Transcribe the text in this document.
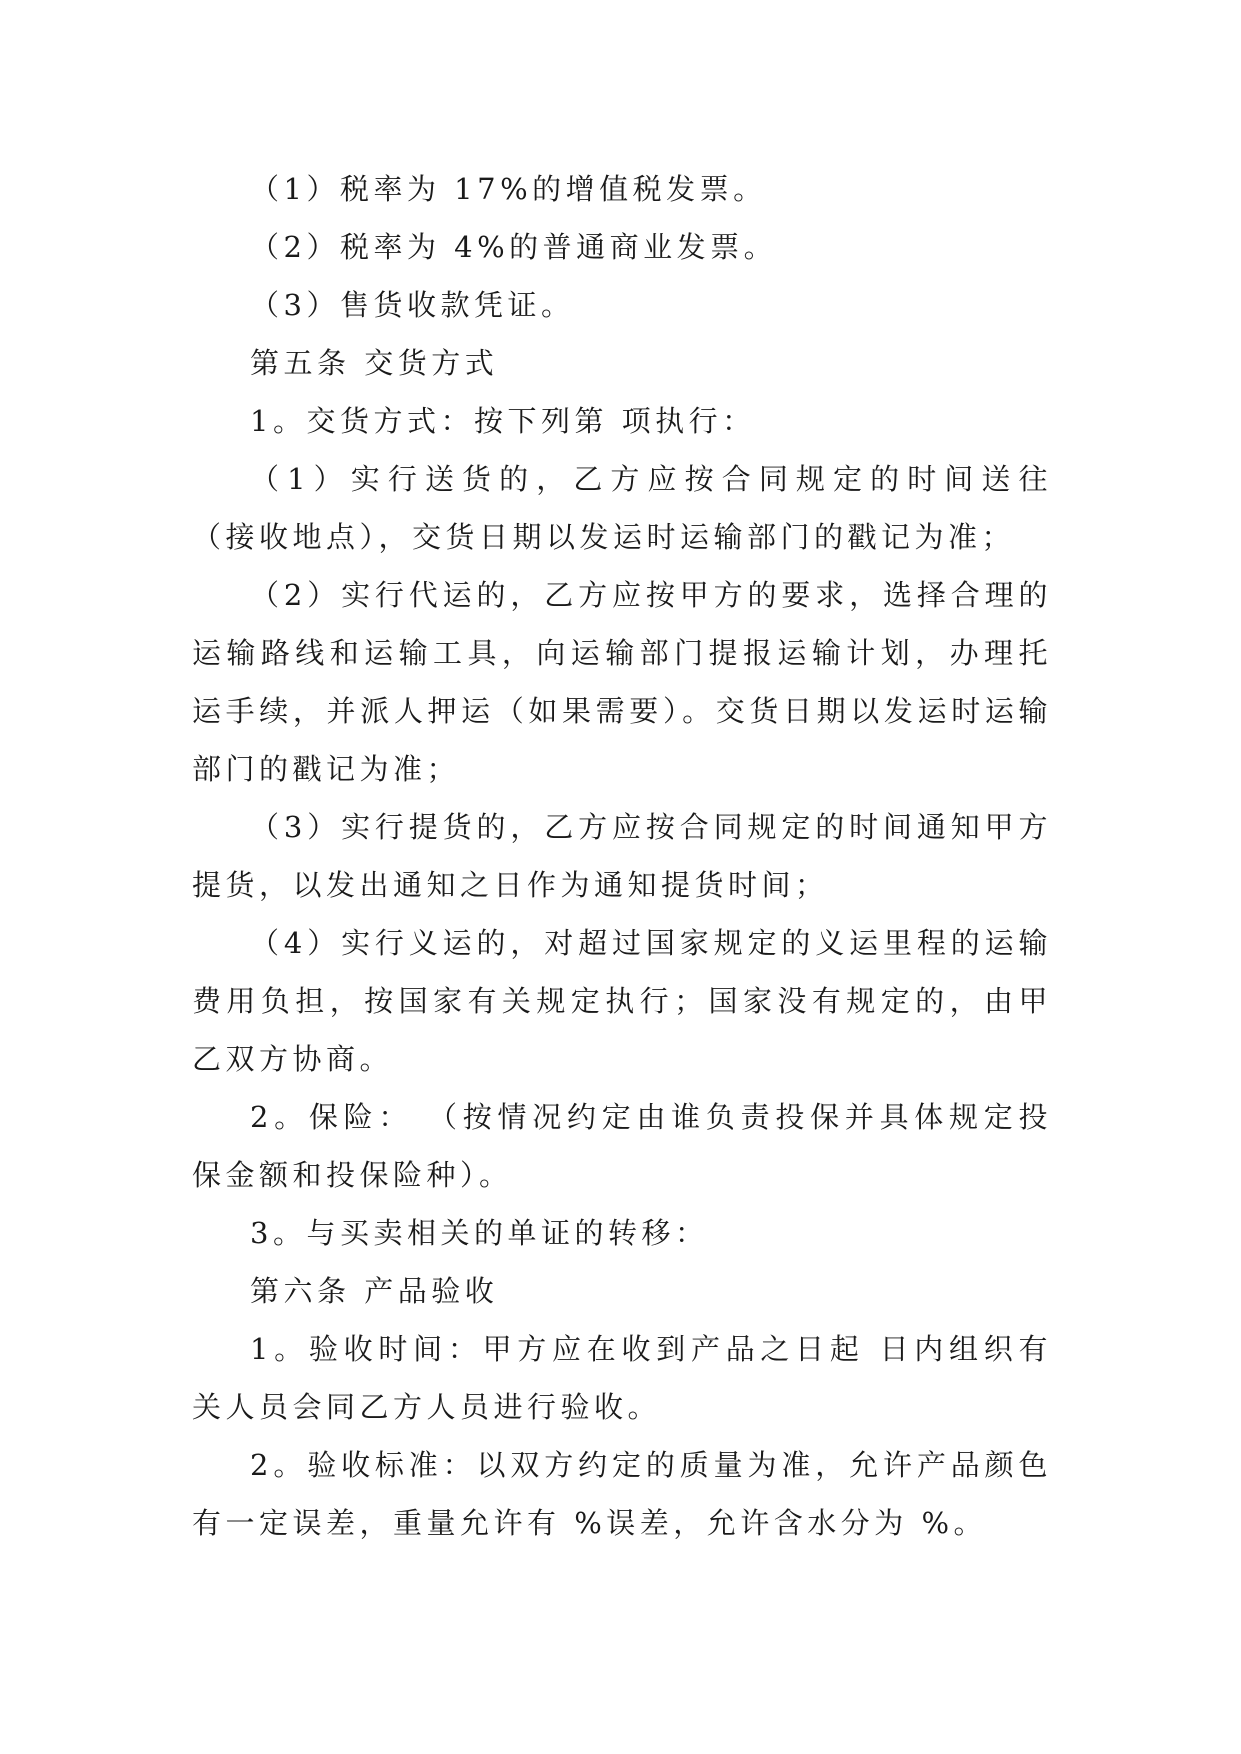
（1）税率为 17%的增值税发票。

（2）税率为 4%的普通商业发票。

（3）售货收款凭证。

第五条 交货方式

1。交货方式：按下列第 项执行：

（1）实行送货的，乙方应按合同规定的时间送往 （接收地点），交货日期以发运时运输部门的戳记为准；

（2）实行代运的，乙方应按甲方的要求，选择合理的运输路线和运输工具，向运输部门提报运输计划，办理托运手续，并派人押运（如果需要）。交货日期以发运时运输部门的戳记为准；

（3）实行提货的，乙方应按合同规定的时间通知甲方提货，以发出通知之日作为通知提货时间；

（4）实行义运的，对超过国家规定的义运里程的运输费用负担，按国家有关规定执行；国家没有规定的，由甲乙双方协商。

2。保险： （按情况约定由谁负责投保并具体规定投保金额和投保险种）。

3。与买卖相关的单证的转移：

第六条 产品验收

1。验收时间：甲方应在收到产品之日起 日内组织有关人员会同乙方人员进行验收。

2。验收标准：以双方约定的质量为准，允许产品颜色有一定误差，重量允许有 %误差，允许含水分为 %。
